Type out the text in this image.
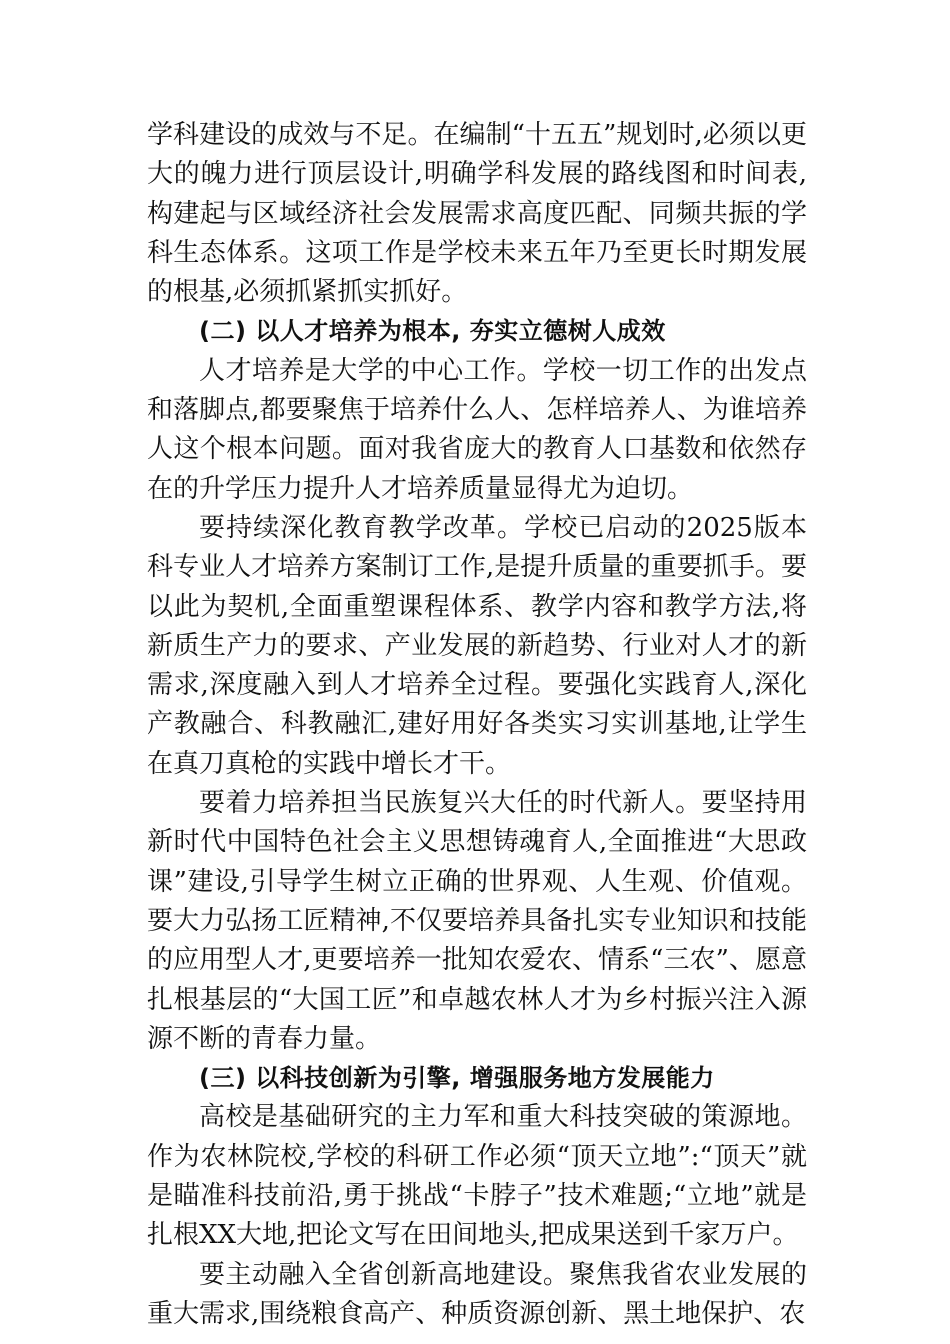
学科建设的成效与不足。在编制“十五五”规划时,必须以更大的魄力进行顶层设计,明确学科发展的路线图和时间表,构建起与区域经济社会发展需求高度匹配、同频共振的学科生态体系。这项工作是学校未来五年乃至更长时期发展的根基,必须抓紧抓实抓好。

(二) 以人才培养为根本, 夯实立德树人成效

人才培养是大学的中心工作。学校一切工作的出发点和落脚点,都要聚焦于培养什么人、怎样培养人、为谁培养人这个根本问题。面对我省庞大的教育人口基数和依然存在的升学压力提升人才培养质量显得尤为迫切。

要持续深化教育教学改革。学校已启动的2025版本科专业人才培养方案制订工作,是提升质量的重要抓手。要以此为契机,全面重塑课程体系、教学内容和教学方法,将新质生产力的要求、产业发展的新趋势、行业对人才的新需求,深度融入到人才培养全过程。要强化实践育人,深化产教融合、科教融汇,建好用好各类实习实训基地,让学生在真刀真枪的实践中增长才干。

要着力培养担当民族复兴大任的时代新人。要坚持用新时代中国特色社会主义思想铸魂育人,全面推进“大思政课”建设,引导学生树立正确的世界观、人生观、价值观。要大力弘扬工匠精神,不仅要培养具备扎实专业知识和技能的应用型人才,更要培养一批知农爱农、情系“三农”、愿意扎根基层的“大国工匠”和卓越农林人才为乡村振兴注入源源不断的青春力量。

(三) 以科技创新为引擎, 增强服务地方发展能力

高校是基础研究的主力军和重大科技突破的策源地。作为农林院校,学校的科研工作必须“顶天立地”:“顶天”就是瞄准科技前沿,勇于挑战“卡脖子”技术难题;“立地”就是扎根XX大地,把论文写在田间地头,把成果送到千家万户。

要主动融入全省创新高地建设。聚焦我省农业发展的重大需求,围绕粮食高产、种质资源创新、黑土地保护、农
